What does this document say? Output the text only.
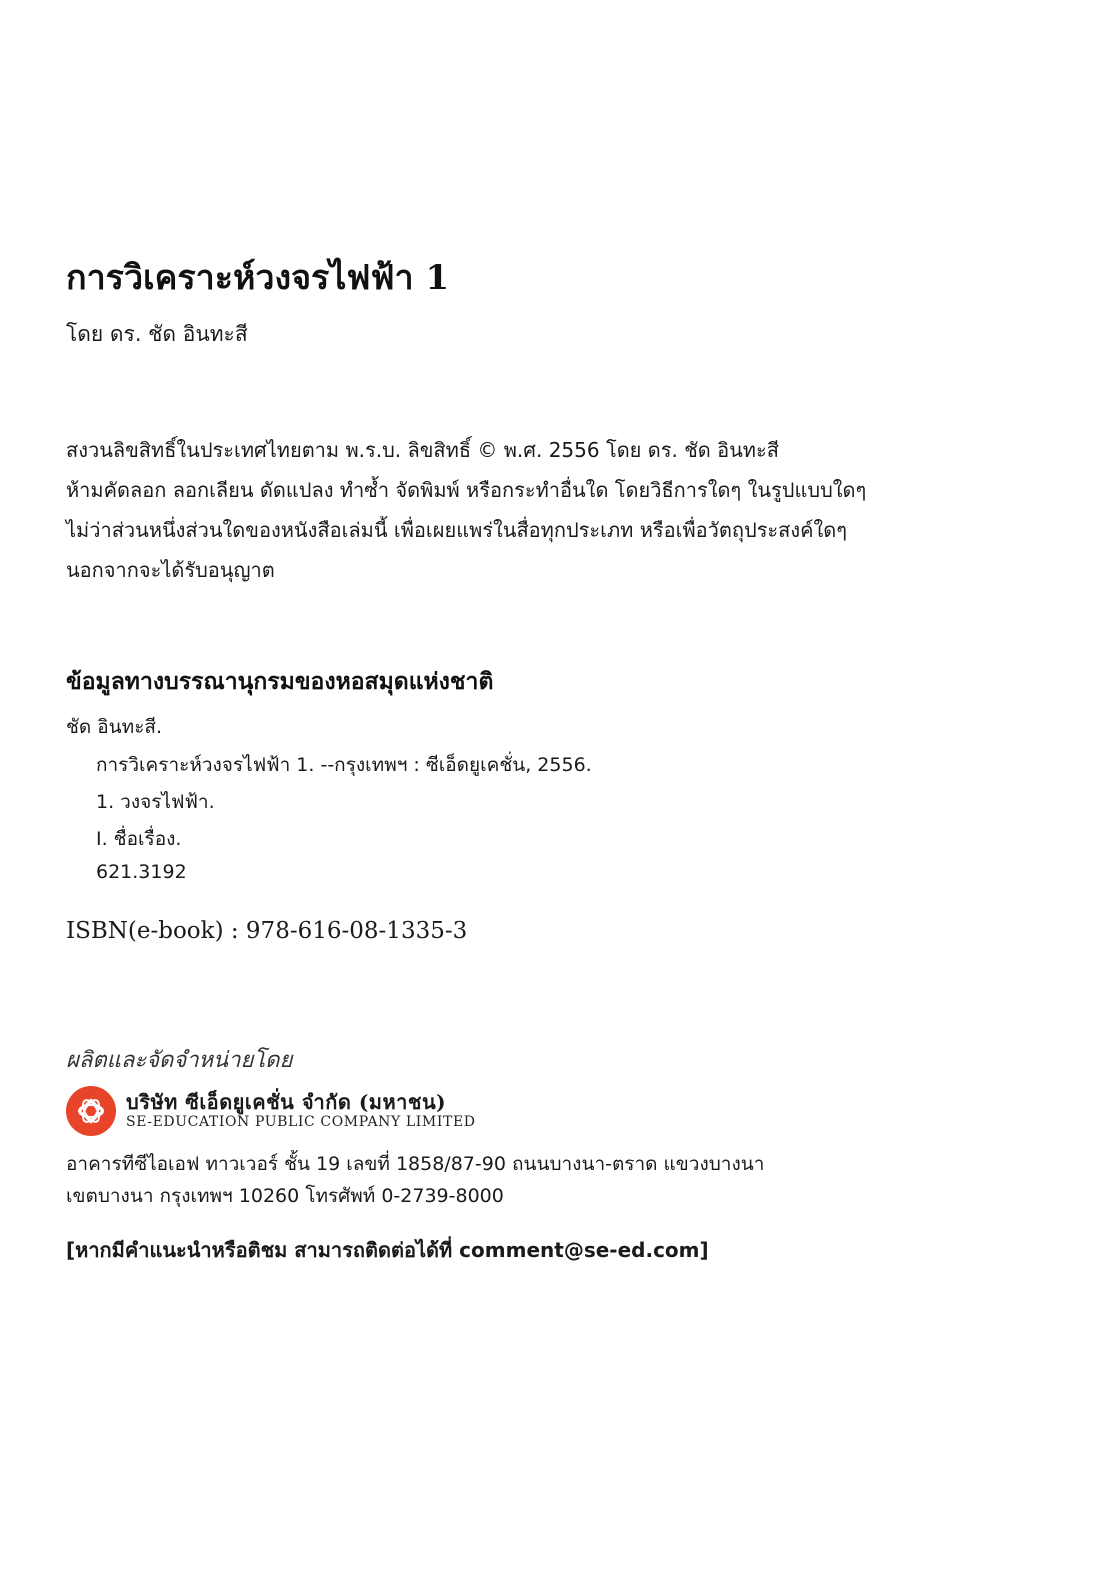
การวิเคราะห์วงจรไฟฟ้า 1
โดย ดร. ชัด อินทะสี
สงวนลิขสิทธิ์ในประเทศไทยตาม พ.ร.บ. ลิขสิทธิ์ © พ.ศ. 2556 โดย ดร. ชัด อินทะสี
ห้ามคัดลอก ลอกเลียน ดัดแปลง ทำซ้ำ จัดพิมพ์ หรือกระทำอื่นใด โดยวิธีการใดๆ ในรูปแบบใดๆ
ไม่ว่าส่วนหนึ่งส่วนใดของหนังสือเล่มนี้ เพื่อเผยแพร่ในสื่อทุกประเภท หรือเพื่อวัตถุประสงค์ใดๆ
นอกจากจะได้รับอนุญาต
ข้อมูลทางบรรณานุกรมของหอสมุดแห่งชาติ
ชัด อินทะสี.
การวิเคราะห์วงจรไฟฟ้า 1. --กรุงเทพฯ : ซีเอ็ดยูเคชั่น, 2556.
1. วงจรไฟฟ้า.
I. ชื่อเรื่อง.
621.3192
ISBN(e-book) : 978-616-08-1335-3
ผลิตและจัดจำหน่ายโดย
บริษัท ซีเอ็ดยูเคชั่น จำกัด (มหาชน)
SE-EDUCATION PUBLIC COMPANY LIMITED
อาคารทีซีไอเอฟ ทาวเวอร์ ชั้น 19 เลขที่ 1858/87-90 ถนนบางนา-ตราด แขวงบางนา
เขตบางนา กรุงเทพฯ 10260 โทรศัพท์ 0-2739-8000
[หากมีคำแนะนำหรือติชม สามารถติดต่อได้ที่ comment@se-ed.com]
